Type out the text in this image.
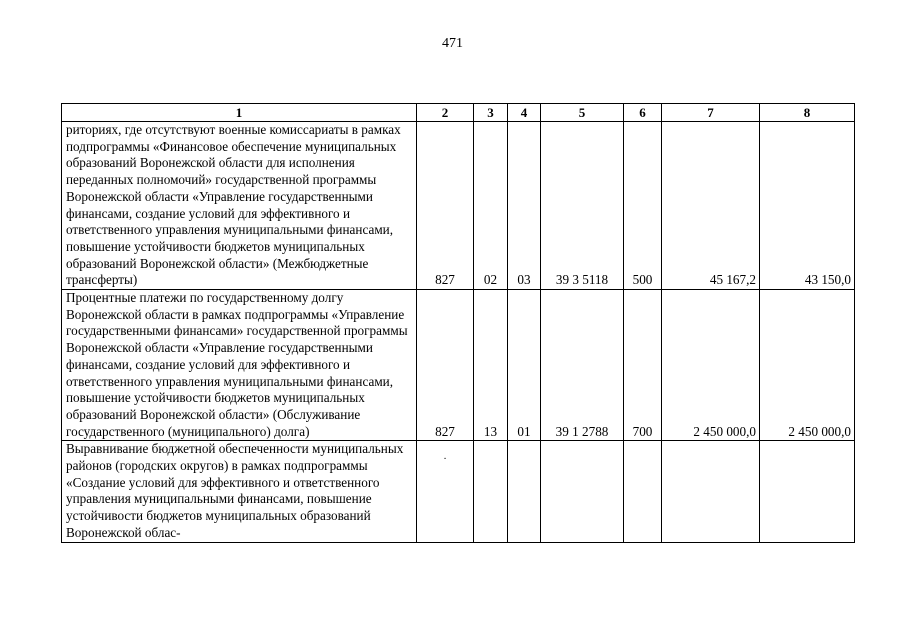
471
1	2	3	4	5	6	7	8
риториях, где отсутствуют военные комиссариаты в рамках подпрограммы «Финансовое обеспечение муниципальных образований Воронежской области для исполнения переданных полномочий» государственной программы Воронежской области «Управление государственными финансами, создание условий для эффективного и ответственного управления муниципальными финансами, повышение устойчивости бюджетов муниципальных образований Воронежской области» (Межбюджетные трансферты)	827	02	03	39 3 5118	500	45 167,2	43 150,0
Процентные платежи по государственному долгу Воронежской области в рамках подпрограммы «Управление государственными финансами» государственной программы Воронежской области «Управление государственными финансами, создание условий для эффективного и ответственного управления муниципальными финансами, повышение устойчивости бюджетов муниципальных образований Воронежской области» (Обслуживание государственного (муниципального) долга)	827	13	01	39 1 2788	700	2 450 000,0	2 450 000,0
Выравнивание бюджетной обеспеченности муниципальных районов (городских округов) в рамках подпрограммы «Создание условий для эффективного и ответственного управления муниципальными финансами, повышение устойчивости бюджетов муниципальных образований Воронежской облас-	·						
